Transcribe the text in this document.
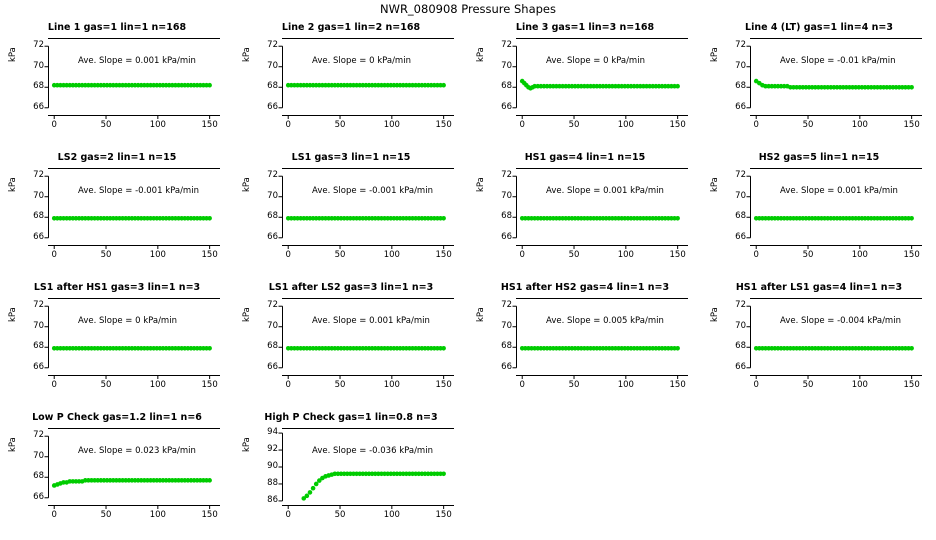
NWR_080908 Pressure Shapes
Line 1 gas=1 lin=1 n=168
kPa
66
68
70
72
0	50	100	150
Ave. Slope = 0.001 kPa/min
Line 2 gas=1 lin=2 n=168
kPa
66
68
70
72
0	50	100	150
Ave. Slope = 0 kPa/min
Line 3 gas=1 lin=3 n=168
kPa
66
68
70
72
0	50	100	150
Ave. Slope = 0 kPa/min
Line 4 (LT) gas=1 lin=4 n=3
kPa
66
68
70
72
0	50	100	150
Ave. Slope = -0.01 kPa/min
LS2 gas=2 lin=1 n=15
kPa
66
68
70
72
0	50	100	150
Ave. Slope = -0.001 kPa/min
LS1 gas=3 lin=1 n=15
kPa
66
68
70
72
0	50	100	150
Ave. Slope = -0.001 kPa/min
HS1 gas=4 lin=1 n=15
kPa
66
68
70
72
0	50	100	150
Ave. Slope = 0.001 kPa/min
HS2 gas=5 lin=1 n=15
kPa
66
68
70
72
0	50	100	150
Ave. Slope = 0.001 kPa/min
LS1 after HS1 gas=3 lin=1 n=3
kPa
66
68
70
72
0	50	100	150
Ave. Slope = 0 kPa/min
LS1 after LS2 gas=3 lin=1 n=3
kPa
66
68
70
72
0	50	100	150
Ave. Slope = 0.001 kPa/min
HS1 after HS2 gas=4 lin=1 n=3
kPa
66
68
70
72
0	50	100	150
Ave. Slope = 0.005 kPa/min
HS1 after LS1 gas=4 lin=1 n=3
kPa
66
68
70
72
0	50	100	150
Ave. Slope = -0.004 kPa/min
Low P Check gas=1.2 lin=1 n=6
kPa
66
68
70
72
0	50	100	150
Ave. Slope = 0.023 kPa/min
High P Check gas=1 lin=0.8 n=3
kPa
86
88
90
92
94
0	50	100	150
Ave. Slope = -0.036 kPa/min
